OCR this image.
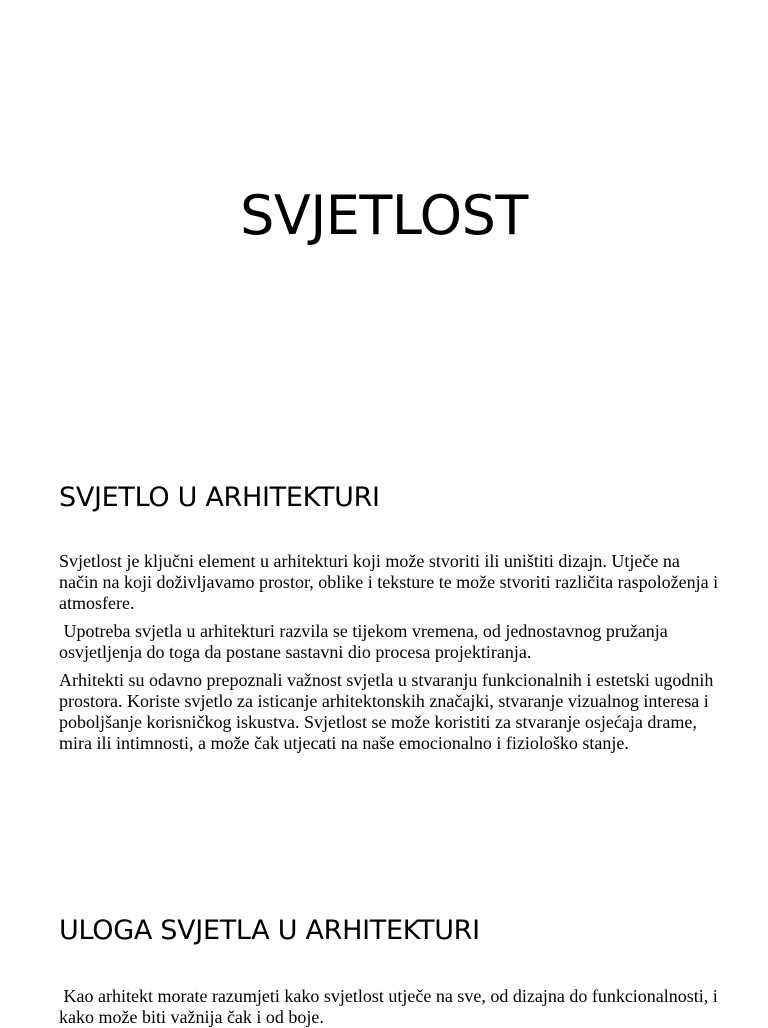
SVJETLOST
SVJETLO U ARHITEKTURI

Svjetlost je ključni element u arhitekturi koji može stvoriti ili uništiti dizajn. Utječe na način na koji doživljavamo prostor, oblike i teksture te može stvoriti različita raspoloženja i atmosfere.

Upotreba svjetla u arhitekturi razvila se tijekom vremena, od jednostavnog pružanja osvjetljenja do toga da postane sastavni dio procesa projektiranja.

Arhitekti su odavno prepoznali važnost svjetla u stvaranju funkcionalnih i estetski ugodnih prostora. Koriste svjetlo za isticanje arhitektonskih značajki, stvaranje vizualnog interesa i poboljšanje korisničkog iskustva. Svjetlost se može koristiti za stvaranje osjećaja drame, mira ili intimnosti, a može čak utjecati na naše emocionalno i fiziološko stanje.

ULOGA SVJETLA U ARHITEKTURI

Kao arhitekt morate razumjeti kako svjetlost utječe na sve, od dizajna do funkcionalnosti, i kako može biti važnija čak i od boje.
